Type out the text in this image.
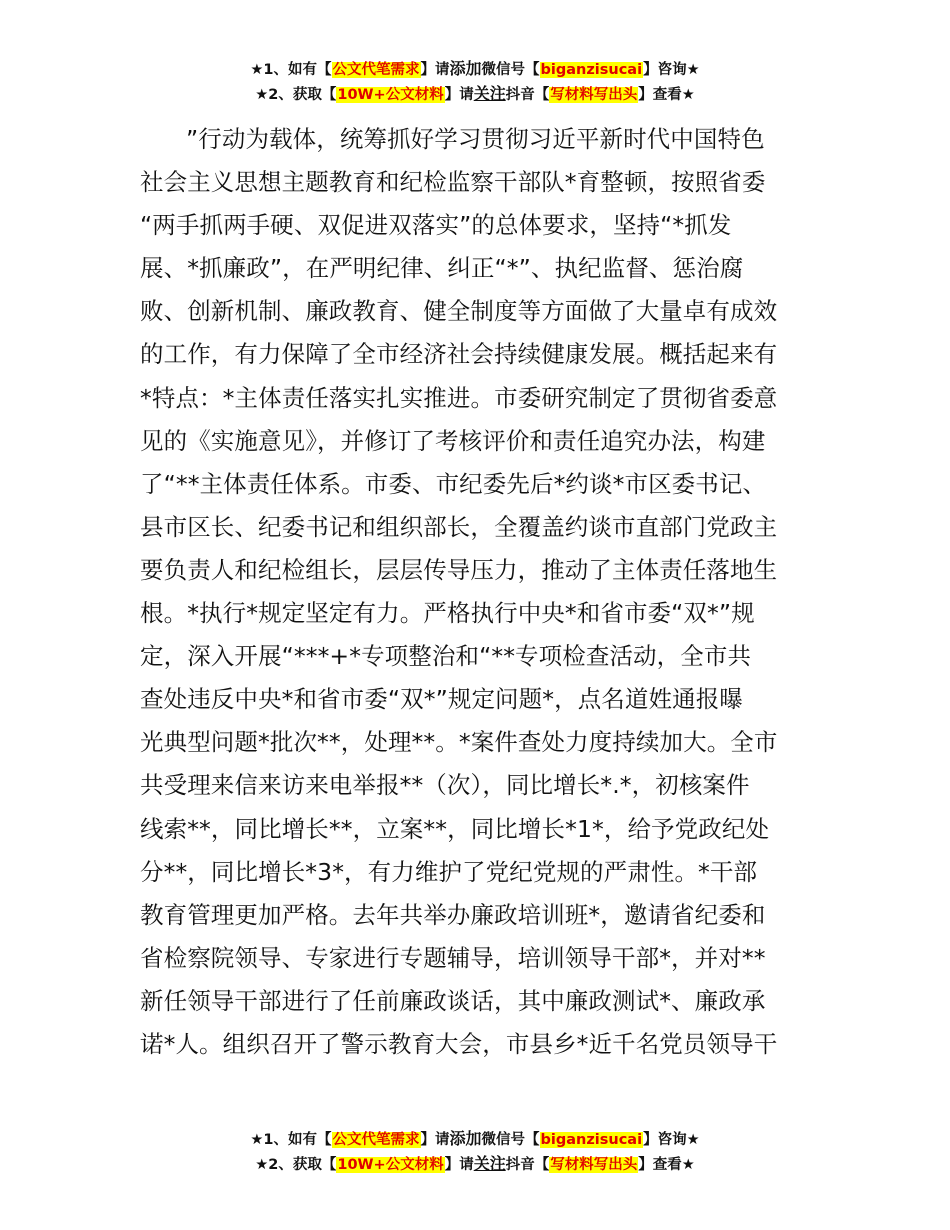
★1、如有【公文代笔需求】请添加微信号【biganzisucai】咨询★
★2、获取【10W+公文材料】请关注抖音【写材料写出头】查看★
”行动为载体，统筹抓好学习贯彻习近平新时代中国特色
社会主义思想主题教育和纪检监察干部队*育整顿，按照省委
“两手抓两手硬、双促进双落实”的总体要求，坚持“*抓发
展、*抓廉政”，在严明纪律、纠正“*”、执纪监督、惩治腐
败、创新机制、廉政教育、健全制度等方面做了大量卓有成效
的工作，有力保障了全市经济社会持续健康发展。概括起来有
*特点：*主体责任落实扎实推进。市委研究制定了贯彻省委意
见的《实施意见》，并修订了考核评价和责任追究办法，构建
了“**主体责任体系。市委、市纪委先后*约谈*市区委书记、
县市区长、纪委书记和组织部长，全覆盖约谈市直部门党政主
要负责人和纪检组长，层层传导压力，推动了主体责任落地生
根。*执行*规定坚定有力。严格执行中央*和省市委“双*”规
定，深入开展“***+*专项整治和“**专项检查活动，全市共
查处违反中央*和省市委“双*”规定问题*，点名道姓通报曝
光典型问题*批次**，处理**。*案件查处力度持续加大。全市
共受理来信来访来电举报**（次），同比增长*.*，初核案件
线索**，同比增长**，立案**，同比增长*1*，给予党政纪处
分**，同比增长*3*，有力维护了党纪党规的严肃性。*干部
教育管理更加严格。去年共举办廉政培训班*，邀请省纪委和
省检察院领导、专家进行专题辅导，培训领导干部*，并对**
新任领导干部进行了任前廉政谈话，其中廉政测试*、廉政承
诺*人。组织召开了警示教育大会，市县乡*近千名党员领导干
★1、如有【公文代笔需求】请添加微信号【biganzisucai】咨询★
★2、获取【10W+公文材料】请关注抖音【写材料写出头】查看★
